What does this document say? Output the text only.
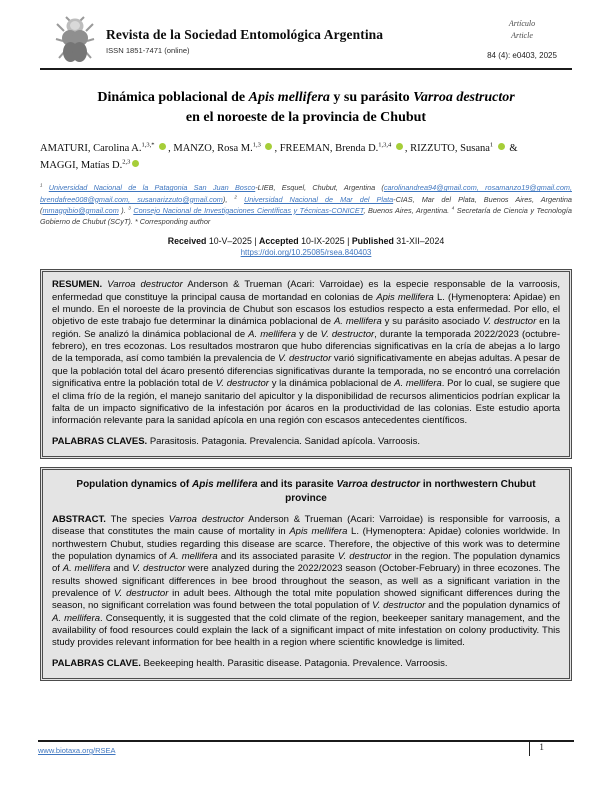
Revista de la Sociedad Entomológica Argentina
ISSN 1851-7471 (online)
Artículo
Article
84 (4): e0403, 2025
Dinámica poblacional de Apis mellifera y su parásito Varroa destructor
en el noroeste de la provincia de Chubut
AMATURI, Carolina A.$^{1,3,*}$ , MANZO, Rosa M.$^{1,3}$ , FREEMAN, Brenda D.$^{1,3,4}$ , RIZZUTO, Susana$^1$  &
MAGGI, Matías D.$^{2,3}$
$^1$ Universidad Nacional de la Patagonia San Juan Bosco-LIEB, Esquel, Chubut, Argentina (carolinandrea94@gmail.com, rosamanzo19@gmail.com, brendafree008@gmail.com, susanarizzuto@gmail.com), $^2$ Universidad Nacional de Mar del Plata-CIAS, Mar del Plata, Buenos Aires, Argentina (mmaggibio@gmail.com ). $^3$ Consejo Nacional de Investigaciones Científicas y Técnicas-CONICET, Buenos Aires, Argentina. $^4$ Secretaría de Ciencia y Tecnología Gobierno de Chubut (SCyT). * Corresponding author
Received 10-V–2025 | Accepted 10-IX-2025 | Published 31-XII–2024
https://doi.org/10.25085/rsea.840403

RESUMEN. Varroa destructor Anderson & Trueman (Acari: Varroidae) es la especie responsable de la varroosis, enfermedad que constituye la principal causa de mortandad en colonias de Apis mellifera L. (Hymenoptera: Apidae) en el mundo. En el noroeste de la provincia de Chubut son escasos los estudios respecto a esta enfermedad. Por ello, el objetivo de este trabajo fue determinar la dinámica poblacional de A. mellifera y su parásito asociado V. destructor en la región. Se analizó la dinámica poblacional de A. mellifera y de V. destructor, durante la temporada 2022/2023 (octubre- febrero), en tres ecozonas. Los resultados mostraron que hubo diferencias significativas en la cría de abejas a lo largo de la temporada, así como también la prevalencia de V. destructor varió significativamente en abejas adultas. A pesar de que la población total del ácaro presentó diferencias significativas durante la temporada, no se encontró una correlación significativa entre la población total de V. destructor y la dinámica poblacional de A. mellifera. Por lo cual, se sugiere que el clima frío de la región, el manejo sanitario del apicultor y la disponibilidad de recursos alimenticios podrían explicar la falta de un impacto significativo de la infestación por ácaros en la productividad de las colonias. Este estudio aporta información relevante para la sanidad apícola en una región con escasos antecedentes científicos.

PALABRAS CLAVES. Parasitosis. Patagonia. Prevalencia. Sanidad apícola. Varroosis.

Population dynamics of Apis mellifera and its parasite Varroa destructor in northwestern Chubut province

ABSTRACT. The species Varroa destructor Anderson & Trueman (Acari: Varroidae) is responsible for varroosis, a disease that constitutes the main cause of mortality in Apis mellifera L. (Hymenoptera: Apidae) colonies worldwide. In northwestern Chubut, studies regarding this disease are scarce. Therefore, the objective of this work was to determine the population dynamics of A. mellifera and its associated parasite V. destructor in the region. The population dynamics of A. mellifera and V. destructor were analyzed during the 2022/2023 season (October-February) in three ecozones. The results showed significant differences in bee brood throughout the season, as well as a significant variation in the prevalence of V. destructor in adult bees. Although the total mite population showed significant differences during the season, no significant correlation was found between the total population of V. destructor and the population dynamics of A. mellifera. Consequently, it is suggested that the cold climate of the region, beekeeper sanitary management, and the availability of food resources could explain the lack of a significant impact of mite infestation on colony productivity. This study provides relevant information for bee health in a region where scientific knowledge is limited.

PALABRAS CLAVE. Beekeeping health. Parasitic disease. Patagonia. Prevalence. Varroosis.

www.biotaxa.org/RSEA	1
